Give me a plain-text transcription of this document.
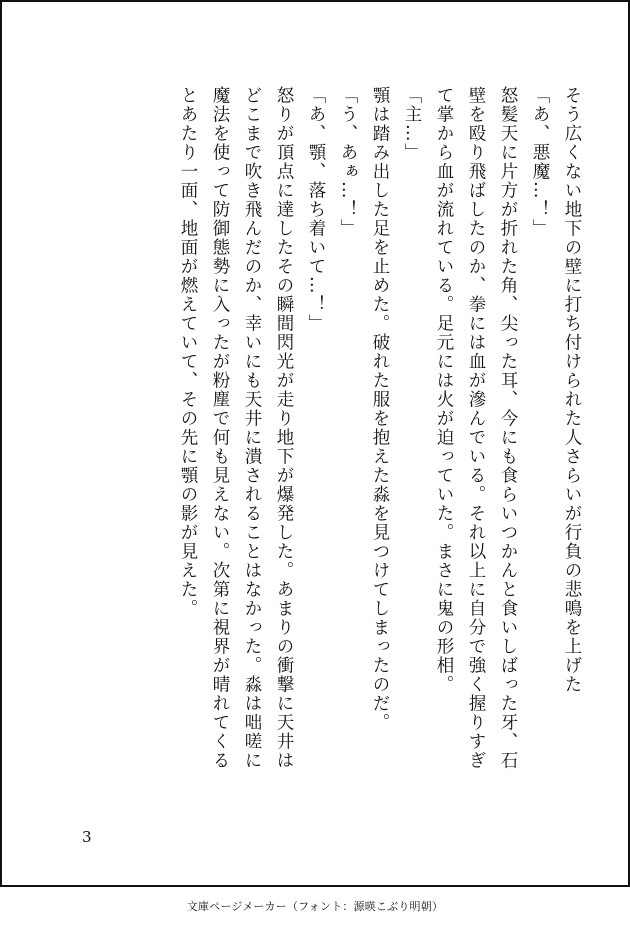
そう広くない地下の壁に打ち付けられた人さらいが行負の悲鳴を上げた

「あ、悪魔…！」

怒髪天に片方が折れた角、尖った耳、今にも食らいつかんと食いしばった牙、石

壁を殴り飛ばしたのか、拳には血が滲んでいる。それ以上に自分で強く握りすぎ

て掌から血が流れている。足元には火が迫っていた。まさに鬼の形相。

「主…」

顎は踏み出した足を止めた。破れた服を抱えた淼を見つけてしまったのだ。

「う、あぁ…！」

「あ、顎、落ち着いて…！」

怒りが頂点に達したその瞬間閃光が走り地下が爆発した。あまりの衝撃に天井は

どこまで吹き飛んだのか、幸いにも天井に潰されることはなかった。淼は咄嗟に

魔法を使って防御態勢に入ったが粉塵で何も見えない。次第に視界が晴れてくる

とあたり一面、地面が燃えていて、その先に顎の影が見えた。

3
文庫ページメーカー（フォント：源暎こぶり明朝）
